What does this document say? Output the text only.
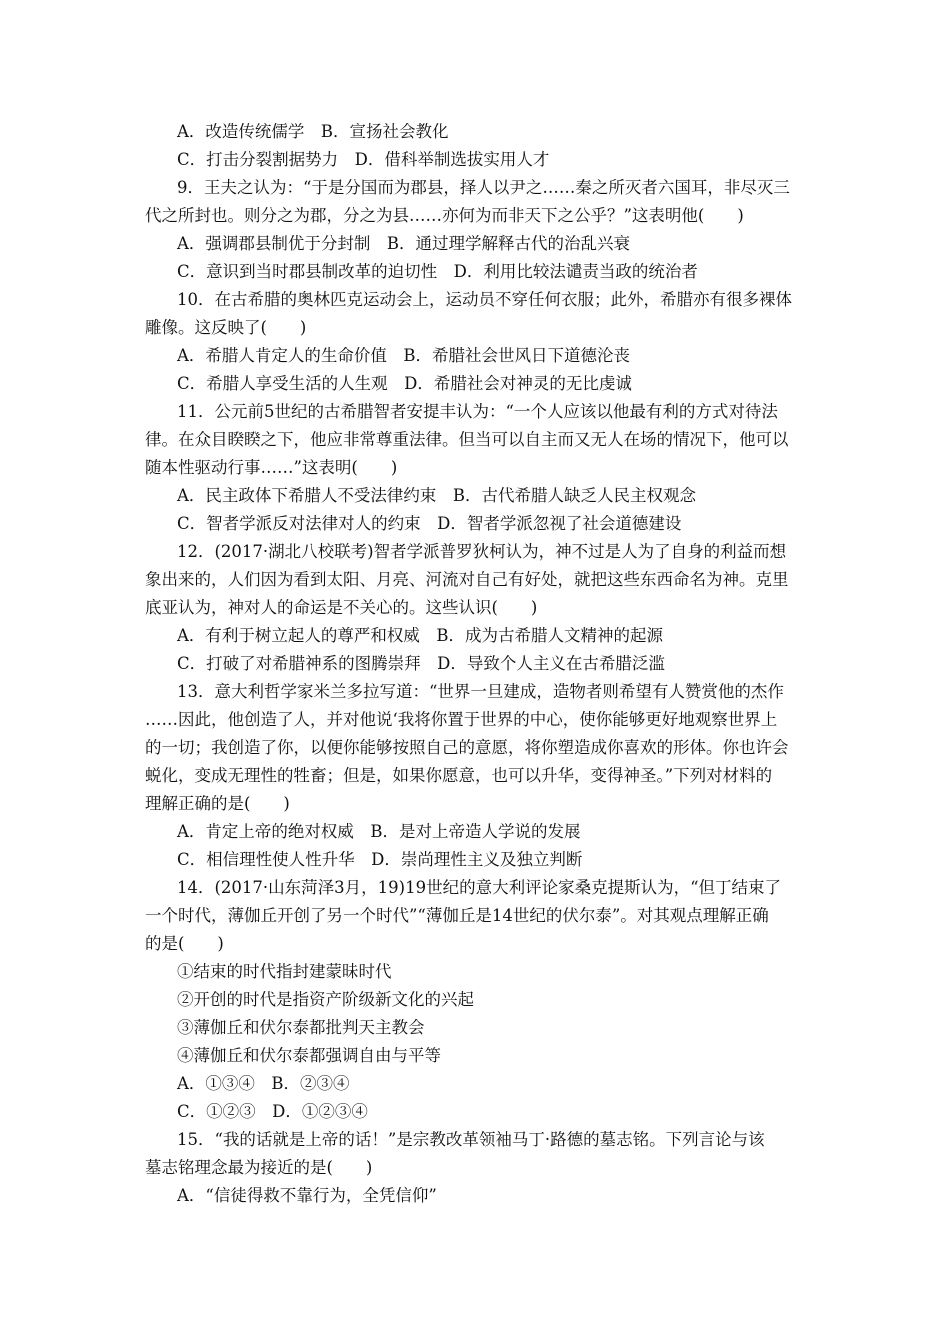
A．改造传统儒学　B．宣扬社会教化
C．打击分裂割据势力　D．借科举制选拔实用人才
9．王夫之认为：“于是分国而为郡县，择人以尹之……秦之所灭者六国耳，非尽灭三
代之所封也。则分之为郡，分之为县……亦何为而非天下之公乎？”这表明他(　　)
A．强调郡县制优于分封制　B．通过理学解释古代的治乱兴衰
C．意识到当时郡县制改革的迫切性　D．利用比较法谴责当政的统治者
10．在古希腊的奥林匹克运动会上，运动员不穿任何衣服；此外，希腊亦有很多裸体
雕像。这反映了(　　)
A．希腊人肯定人的生命价值　B．希腊社会世风日下道德沦丧
C．希腊人享受生活的人生观　D．希腊社会对神灵的无比虔诚
11．公元前5世纪的古希腊智者安提丰认为：“一个人应该以他最有利的方式对待法
律。在众目睽睽之下，他应非常尊重法律。但当可以自主而又无人在场的情况下，他可以
随本性驱动行事……”这表明(　　)
A．民主政体下希腊人不受法律约束　B．古代希腊人缺乏人民主权观念
C．智者学派反对法律对人的约束　D．智者学派忽视了社会道德建设
12．(2017·湖北八校联考)智者学派普罗狄柯认为，神不过是人为了自身的利益而想
象出来的，人们因为看到太阳、月亮、河流对自己有好处，就把这些东西命名为神。克里
底亚认为，神对人的命运是不关心的。这些认识(　　)
A．有利于树立起人的尊严和权威　B．成为古希腊人文精神的起源
C．打破了对希腊神系的图腾崇拜　D．导致个人主义在古希腊泛滥
13．意大利哲学家米兰多拉写道：“世界一旦建成，造物者则希望有人赞赏他的杰作
……因此，他创造了人，并对他说‘我将你置于世界的中心，使你能够更好地观察世界上
的一切；我创造了你，以便你能够按照自己的意愿，将你塑造成你喜欢的形体。你也许会
蜕化，变成无理性的牲畜；但是，如果你愿意，也可以升华，变得神圣。”下列对材料的
理解正确的是(　　)
A．肯定上帝的绝对权威　B．是对上帝造人学说的发展
C．相信理性使人性升华　D．崇尚理性主义及独立判断
14．(2017·山东菏泽3月，19)19世纪的意大利评论家桑克提斯认为，“但丁结束了
一个时代，薄伽丘开创了另一个时代”“薄伽丘是14世纪的伏尔泰”。对其观点理解正确
的是(　　)
①结束的时代指封建蒙昧时代
②开创的时代是指资产阶级新文化的兴起
③薄伽丘和伏尔泰都批判天主教会
④薄伽丘和伏尔泰都强调自由与平等
A．①③④　B．②③④
C．①②③　D．①②③④
15．“我的话就是上帝的话！”是宗教改革领袖马丁·路德的墓志铭。下列言论与该
墓志铭理念最为接近的是(　　)
A．“信徒得救不靠行为，全凭信仰”
